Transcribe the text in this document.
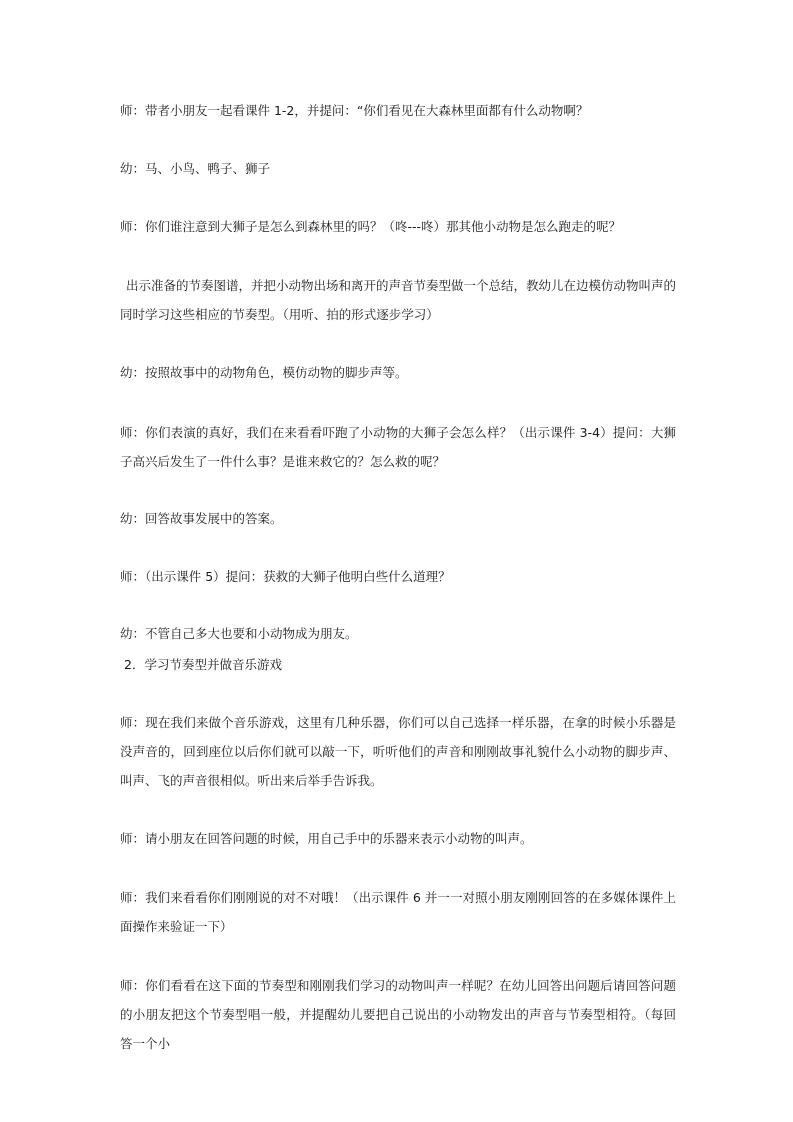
师：带者小朋友一起看课件 1-2，并提问：“你们看见在大森林里面都有什么动物啊？

幼：马、小鸟、鸭子、狮子

师：你们谁注意到大狮子是怎么到森林里的吗？（咚---咚）那其他小动物是怎么跑走的呢？

出示准备的节奏图谱，并把小动物出场和离开的声音节奏型做一个总结，教幼儿在边模仿动物叫声的同时学习这些相应的节奏型。（用听、拍的形式逐步学习）

幼：按照故事中的动物角色，模仿动物的脚步声等。

师：你们表演的真好，我们在来看看吓跑了小动物的大狮子会怎么样？（出示课件 3-4）提问：大狮子高兴后发生了一件什么事？是谁来救它的？怎么救的呢？

幼：回答故事发展中的答案。

师：（出示课件 5）提问：获救的大狮子他明白些什么道理？

幼：不管自己多大也要和小动物成为朋友。

2．学习节奏型并做音乐游戏

师：现在我们来做个音乐游戏，这里有几种乐器，你们可以自己选择一样乐器，在拿的时候小乐器是没声音的，回到座位以后你们就可以敲一下，听听他们的声音和刚刚故事礼貌什么小动物的脚步声、叫声、飞的声音很相似。听出来后举手告诉我。

师：请小朋友在回答问题的时候，用自己手中的乐器来表示小动物的叫声。

师：我们来看看你们刚刚说的对不对哦！（出示课件 6 并一一对照小朋友刚刚回答的在多媒体课件上面操作来验证一下）

师：你们看看在这下面的节奏型和刚刚我们学习的动物叫声一样呢？在幼儿回答出问题后请回答问题的小朋友把这个节奏型唱一般，并提醒幼儿要把自己说出的小动物发出的声音与节奏型相符。（每回答一个小
